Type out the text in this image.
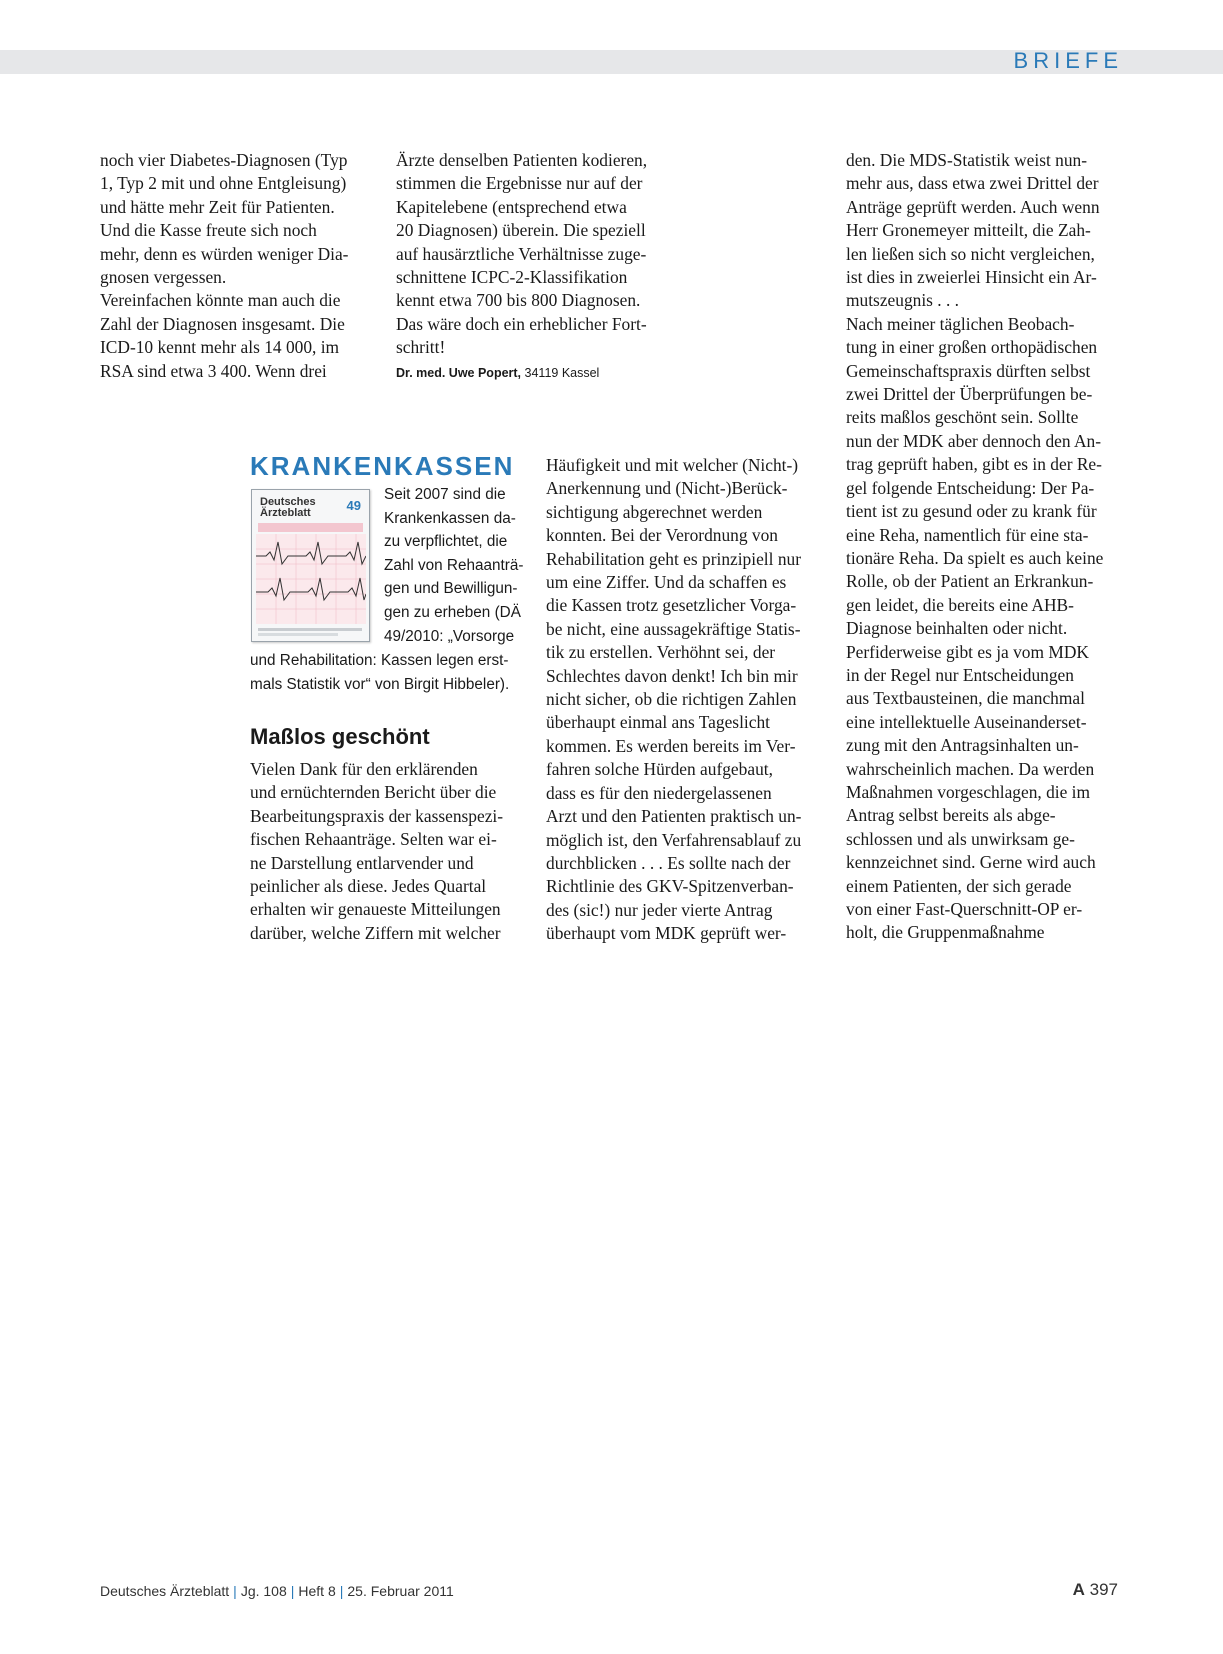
BRIEFE
noch vier Diabetes-Diagnosen (Typ
1, Typ 2 mit und ohne Entgleisung)
und hätte mehr Zeit für Patienten.
Und die Kasse freute sich noch
mehr, denn es würden weniger Dia-
gnosen vergessen.
Vereinfachen könnte man auch die
Zahl der Diagnosen insgesamt. Die
ICD-10 kennt mehr als 14 000, im
RSA sind etwa 3 400. Wenn drei
Ärzte denselben Patienten kodieren,
stimmen die Ergebnisse nur auf der
Kapitelebene (entsprechend etwa
20 Diagnosen) überein. Die speziell
auf hausärztliche Verhältnisse zuge-
schnittene ICPC-2-Klassifikation
kennt etwa 700 bis 800 Diagnosen.
Das wäre doch ein erheblicher Fort-
schritt!
Dr. med. Uwe Popert, 34119 Kassel
KRANKENKASSEN
Deutsches
Ärzteblatt	49
Seit 2007 sind die
Krankenkassen da-
zu verpflichtet, die
Zahl von Rehaanträ-
gen und Bewilligun-
gen zu erheben (DÄ
49/2010: „Vorsorge
und Rehabilitation: Kassen legen erst-
mals Statistik vor“ von Birgit Hibbeler).
Maßlos geschönt
Vielen Dank für den erklärenden
und ernüchternden Bericht über die
Bearbeitungspraxis der kassenspezi-
fischen Rehaanträge. Selten war ei-
ne Darstellung entlarvender und
peinlicher als diese. Jedes Quartal
erhalten wir genaueste Mitteilungen
darüber, welche Ziffern mit welcher
Häufigkeit und mit welcher (Nicht-)
Anerkennung und (Nicht-)Berück-
sichtigung abgerechnet werden
konnten. Bei der Verordnung von
Rehabilitation geht es prinzipiell nur
um eine Ziffer. Und da schaffen es
die Kassen trotz gesetzlicher Vorga-
be nicht, eine aussagekräftige Statis-
tik zu erstellen. Verhöhnt sei, der
Schlechtes davon denkt! Ich bin mir
nicht sicher, ob die richtigen Zahlen
überhaupt einmal ans Tageslicht
kommen. Es werden bereits im Ver-
fahren solche Hürden aufgebaut,
dass es für den niedergelassenen
Arzt und den Patienten praktisch un-
möglich ist, den Verfahrensablauf zu
durchblicken . . . Es sollte nach der
Richtlinie des GKV-Spitzenverban-
des (sic!) nur jeder vierte Antrag
überhaupt vom MDK geprüft wer-
den. Die MDS-Statistik weist nun-
mehr aus, dass etwa zwei Drittel der
Anträge geprüft werden. Auch wenn
Herr Gronemeyer mitteilt, die Zah-
len ließen sich so nicht vergleichen,
ist dies in zweierlei Hinsicht ein Ar-
mutszeugnis . . .
Nach meiner täglichen Beobach-
tung in einer großen orthopädischen
Gemeinschaftspraxis dürften selbst
zwei Drittel der Überprüfungen be-
reits maßlos geschönt sein. Sollte
nun der MDK aber dennoch den An-
trag geprüft haben, gibt es in der Re-
gel folgende Entscheidung: Der Pa-
tient ist zu gesund oder zu krank für
eine Reha, namentlich für eine sta-
tionäre Reha. Da spielt es auch keine
Rolle, ob der Patient an Erkrankun-
gen leidet, die bereits eine AHB-
Diagnose beinhalten oder nicht.
Perfiderweise gibt es ja vom MDK
in der Regel nur Entscheidungen
aus Textbausteinen, die manchmal
eine intellektuelle Auseinanderset-
zung mit den Antragsinhalten un-
wahrscheinlich machen. Da werden
Maßnahmen vorgeschlagen, die im
Antrag selbst bereits als abge-
schlossen und als unwirksam ge-
kennzeichnet sind. Gerne wird auch
einem Patienten, der sich gerade
von einer Fast-Querschnitt-OP er-
holt, die Gruppenmaßnahme
Deutsches Ärzteblatt | Jg. 108 | Heft 8 | 25. Februar 2011	A 397
